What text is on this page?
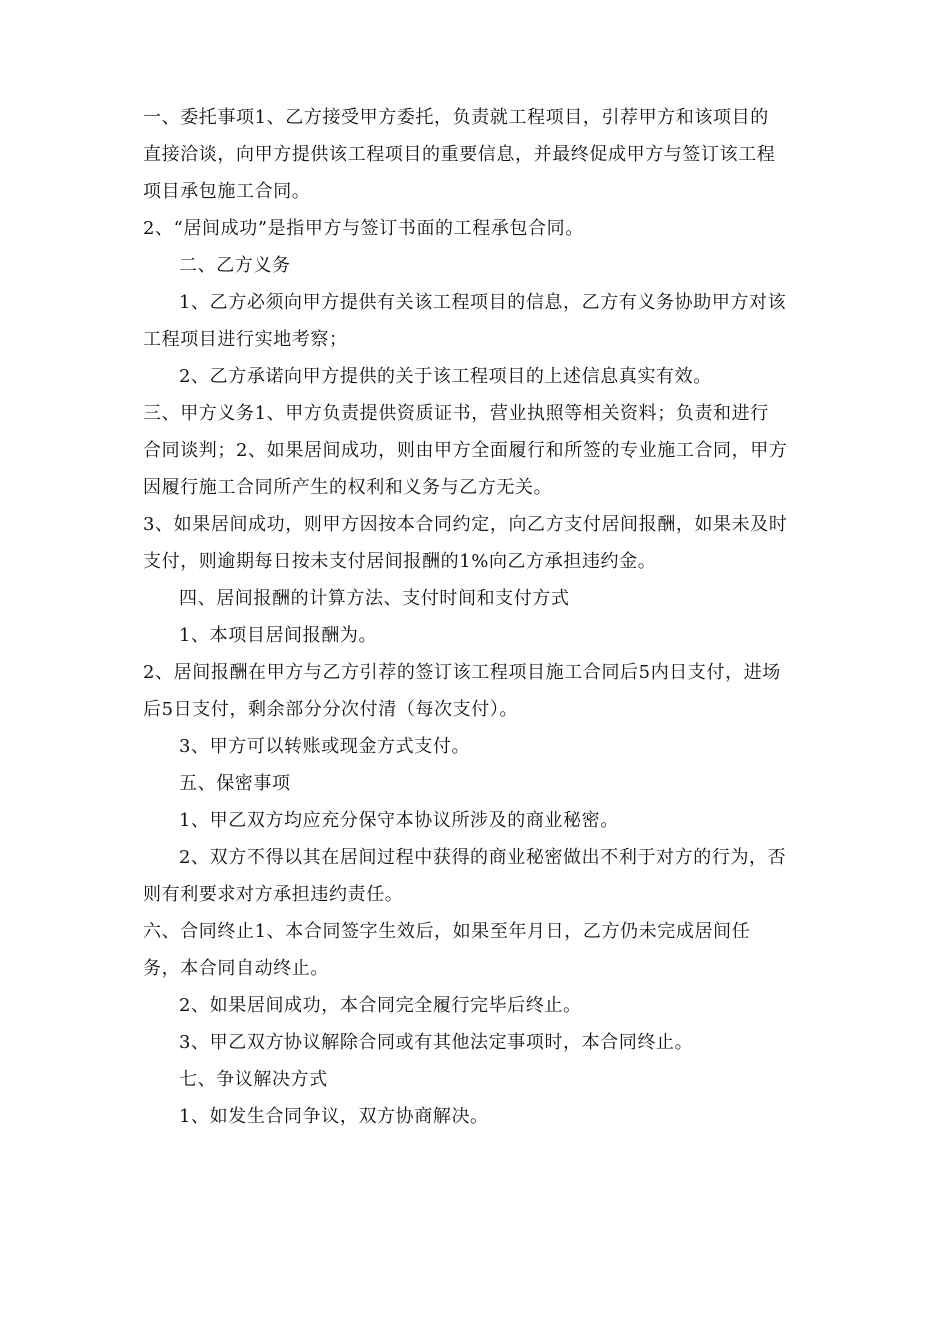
一、委托事项1、乙方接受甲方委托，负责就工程项目，引荐甲方和该项目的
直接洽谈，向甲方提供该工程项目的重要信息，并最终促成甲方与签订该工程
项目承包施工合同。
2、“居间成功”是指甲方与签订书面的工程承包合同。
二、乙方义务
1、乙方必须向甲方提供有关该工程项目的信息，乙方有义务协助甲方对该
工程项目进行实地考察；
2、乙方承诺向甲方提供的关于该工程项目的上述信息真实有效。
三、甲方义务1、甲方负责提供资质证书，营业执照等相关资料；负责和进行
合同谈判；2、如果居间成功，则由甲方全面履行和所签的专业施工合同，甲方
因履行施工合同所产生的权利和义务与乙方无关。
3、如果居间成功，则甲方因按本合同约定，向乙方支付居间报酬，如果未及时
支付，则逾期每日按未支付居间报酬的1%向乙方承担违约金。
四、居间报酬的计算方法、支付时间和支付方式
1、本项目居间报酬为。
2、居间报酬在甲方与乙方引荐的签订该工程项目施工合同后5内日支付，进场
后5日支付，剩余部分分次付清（每次支付）。
3、甲方可以转账或现金方式支付。
五、保密事项
1、甲乙双方均应充分保守本协议所涉及的商业秘密。
2、双方不得以其在居间过程中获得的商业秘密做出不利于对方的行为，否
则有利要求对方承担违约责任。
六、合同终止1、本合同签字生效后，如果至年月日，乙方仍未完成居间任
务，本合同自动终止。
2、如果居间成功，本合同完全履行完毕后终止。
3、甲乙双方协议解除合同或有其他法定事项时，本合同终止。
七、争议解决方式
1、如发生合同争议，双方协商解决。
